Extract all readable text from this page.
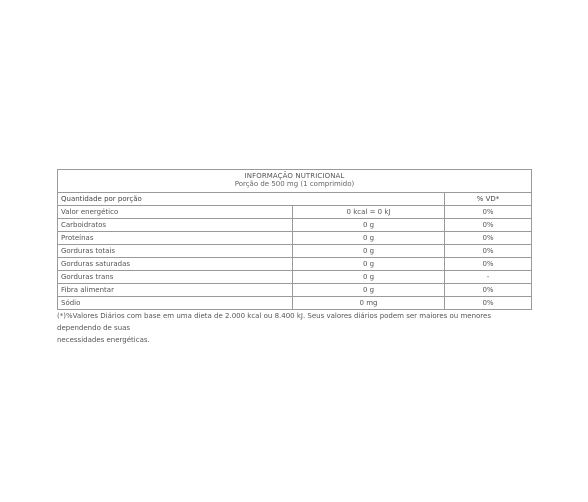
INFORMAÇÃO NUTRICIONAL
Porção de 500 mg (1 comprimido)		

Quantidade por porção		% VD*
Valor energético	0 kcal = 0 kJ	0%
Carboidratos	0 g	0%
Proteínas	0 g	0%
Gorduras totais	0 g	0%
Gorduras saturadas	0 g	0%
Gorduras trans	0 g	-
Fibra alimentar	0 g	0%
Sódio	0 mg	0%
(*)%Valores Diários com base em uma dieta de 2.000 kcal ou 8.400 kJ. Seus valores diários podem ser maiores ou menores dependendo de suas
necessidades energéticas.
